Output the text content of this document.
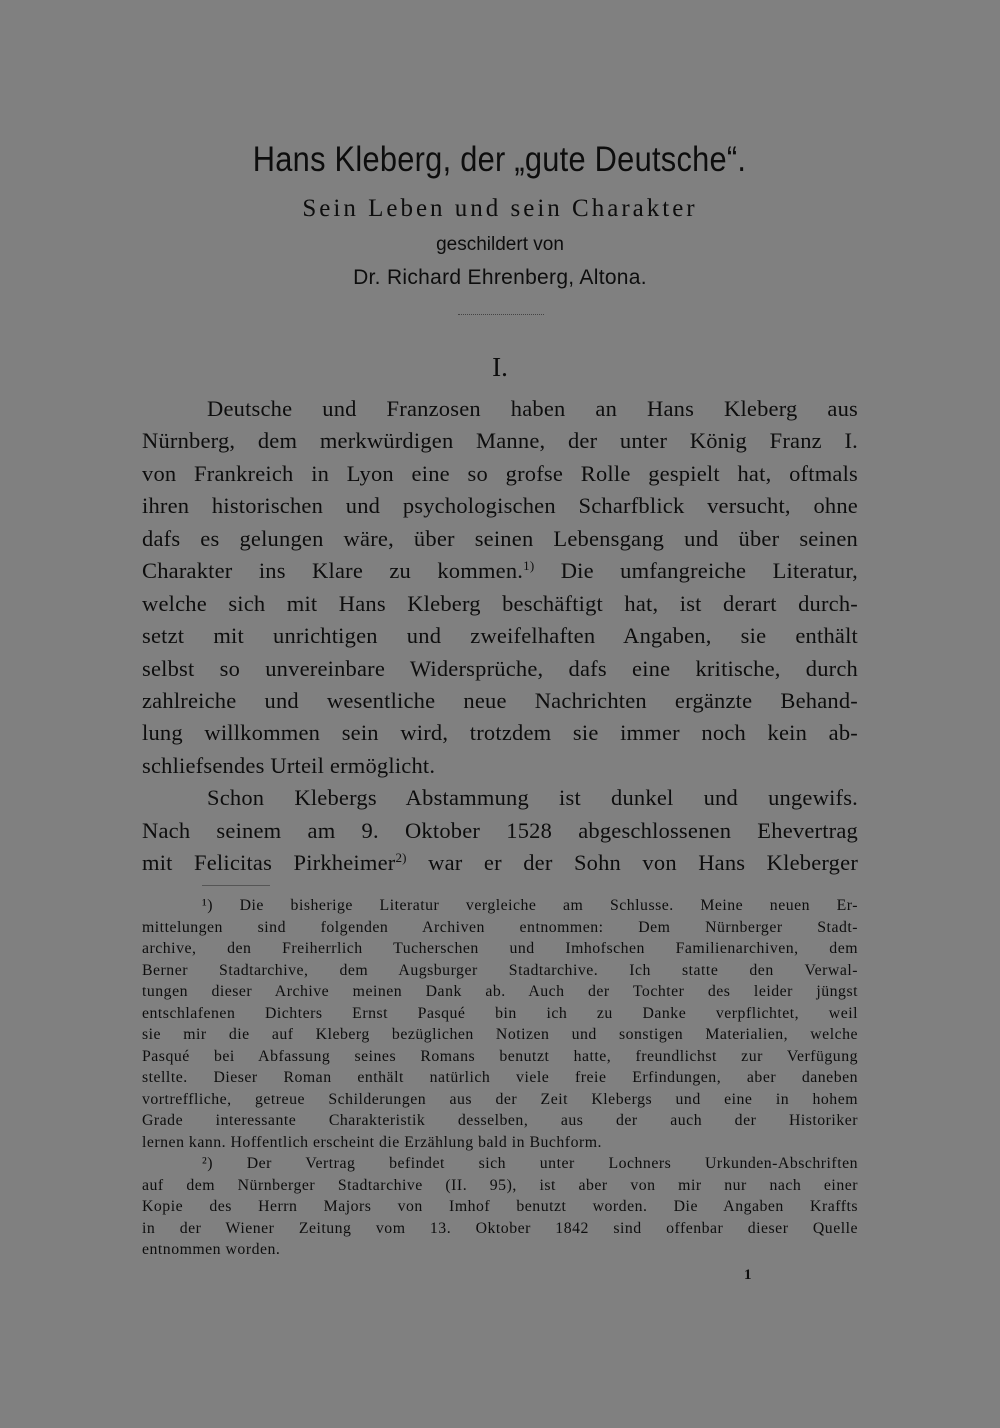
Hans Kleberg, der „gute Deutsche“.
Sein Leben und sein Charakter
geschildert von
Dr. Richard Ehrenberg, Altona.
I.
Deutsche und Franzosen haben an Hans Kleberg aus
Nürnberg, dem merkwürdigen Manne, der unter König Franz I.
von Frankreich in Lyon eine so grofse Rolle gespielt hat, oftmals
ihren historischen und psychologischen Scharfblick versucht, ohne
dafs es gelungen wäre, über seinen Lebensgang und über seinen
Charakter ins Klare zu kommen.$^{1)}$ Die umfangreiche Literatur,
welche sich mit Hans Kleberg beschäftigt hat, ist derart durch-
setzt mit unrichtigen und zweifelhaften Angaben, sie enthält
selbst so unvereinbare Widersprüche, dafs eine kritische, durch
zahlreiche und wesentliche neue Nachrichten ergänzte Behand-
lung willkommen sein wird, trotzdem sie immer noch kein ab-
schliefsendes Urteil ermöglicht.
Schon Klebergs Abstammung ist dunkel und ungewifs.
Nach seinem am 9. Oktober 1528 abgeschlossenen Ehevertrag
mit Felicitas Pirkheimer$^{2)}$ war er der Sohn von Hans Kleberger
¹) Die bisherige Literatur vergleiche am Schlusse. Meine neuen Er-
mittelungen sind folgenden Archiven entnommen: Dem Nürnberger Stadt-
archive, den Freiherrlich Tucherschen und Imhofschen Familienarchiven, dem
Berner Stadtarchive, dem Augsburger Stadtarchive. Ich statte den Verwal-
tungen dieser Archive meinen Dank ab. Auch der Tochter des leider jüngst
entschlafenen Dichters Ernst Pasqué bin ich zu Danke verpflichtet, weil
sie mir die auf Kleberg bezüglichen Notizen und sonstigen Materialien, welche
Pasqué bei Abfassung seines Romans benutzt hatte, freundlichst zur Verfügung
stellte. Dieser Roman enthält natürlich viele freie Erfindungen, aber daneben
vortreffliche, getreue Schilderungen aus der Zeit Klebergs und eine in hohem
Grade interessante Charakteristik desselben, aus der auch der Historiker
lernen kann. Hoffentlich erscheint die Erzählung bald in Buchform.
²) Der Vertrag befindet sich unter Lochners Urkunden-Abschriften
auf dem Nürnberger Stadtarchive (II. 95), ist aber von mir nur nach einer
Kopie des Herrn Majors von Imhof benutzt worden. Die Angaben Kraffts
in der Wiener Zeitung vom 13. Oktober 1842 sind offenbar dieser Quelle
entnommen worden.
1
